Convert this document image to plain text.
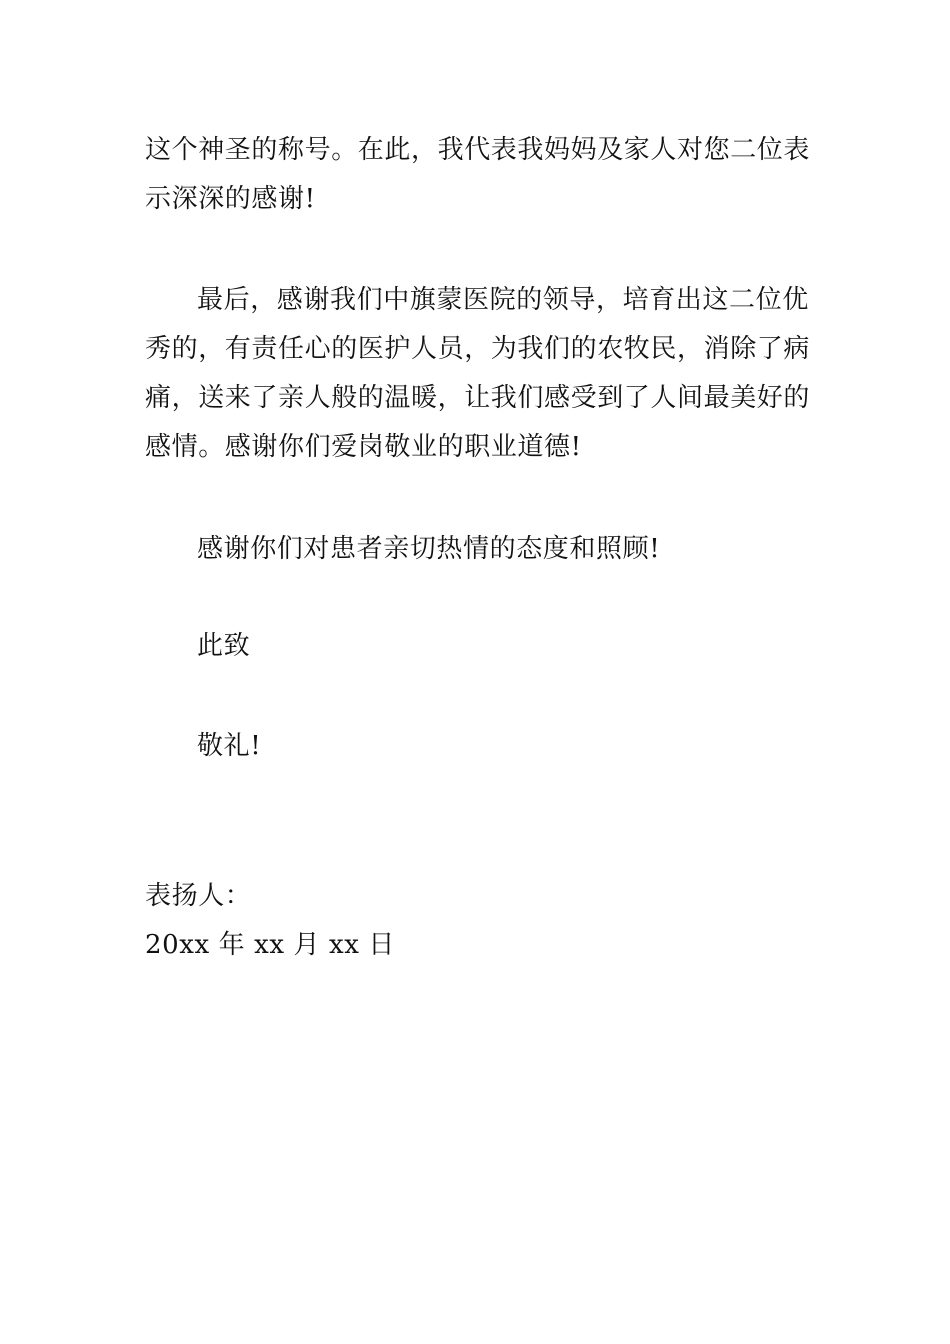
这个神圣的称号。在此，我代表我妈妈及家人对您二位表
示深深的感谢!
最后，感谢我们中旗蒙医院的领导，培育出这二位优
秀的，有责任心的医护人员，为我们的农牧民，消除了病
痛，送来了亲人般的温暖，让我们感受到了人间最美好的
感情。感谢你们爱岗敬业的职业道德!
感谢你们对患者亲切热情的态度和照顾!
此致
敬礼!
表扬人：
20xx 年 xx 月 xx 日
